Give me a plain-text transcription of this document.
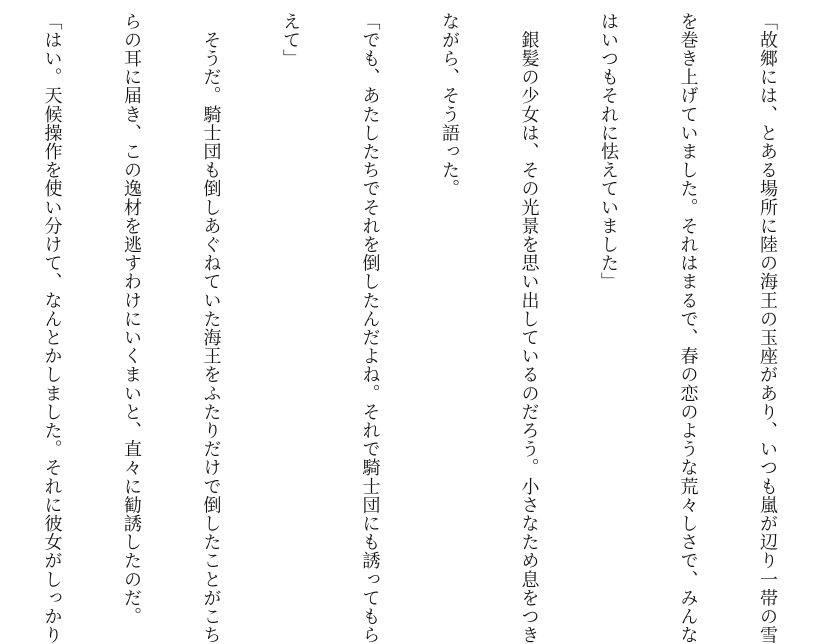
「故郷には、とある場所に陸の海王の玉座があり、いつも嵐が辺り一帯の雪

を巻き上げていました。それはまるで、春の恋のような荒々しさで、みんな

はいつもそれに怯えていました」

　銀髪の少女は、その光景を思い出しているのだろう。小さなため息をつき

ながら、そう語った。

「でも、あたしたちでそれを倒したんだよね。それで騎士団にも誘ってもら

えて」

　そうだ。騎士団も倒しあぐねていた海王をふたりだけで倒したことがこち

らの耳に届き、この逸材を逃すわけにいくまいと、直々に勧誘したのだ。

「はい。天候操作を使い分けて、なんとかしました。それに彼女がしっかり
